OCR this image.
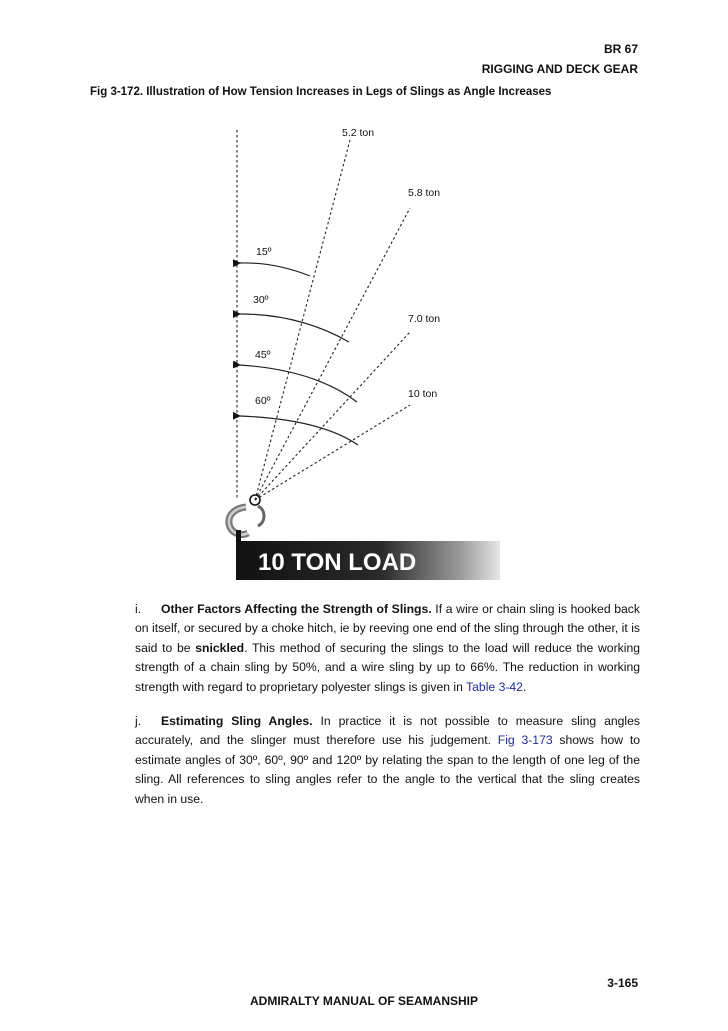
BR 67
RIGGING AND DECK GEAR
Fig 3-172. Illustration of How Tension Increases in Legs of Slings as Angle Increases
15º
30º
45º
60º
5.2 ton
5.8 ton
7.0 ton
10 ton
10 TON LOAD
i. Other Factors Affecting the Strength of Slings. If a wire or chain sling is hooked back on itself, or secured by a choke hitch, ie by reeving one end of the sling through the other, it is said to be snickled. This method of securing the slings to the load will reduce the working strength of a chain sling by 50%, and a wire sling by up to 66%. The reduction in working strength with regard to proprietary polyester slings is given in Table 3-42.
j. Estimating Sling Angles. In practice it is not possible to measure sling angles accurately, and the slinger must therefore use his judgement. Fig 3-173 shows how to estimate angles of 30º, 60º, 90º and 120º by relating the span to the length of one leg of the sling. All references to sling angles refer to the angle to the vertical that the sling creates when in use.
3-165
ADMIRALTY MANUAL OF SEAMANSHIP
